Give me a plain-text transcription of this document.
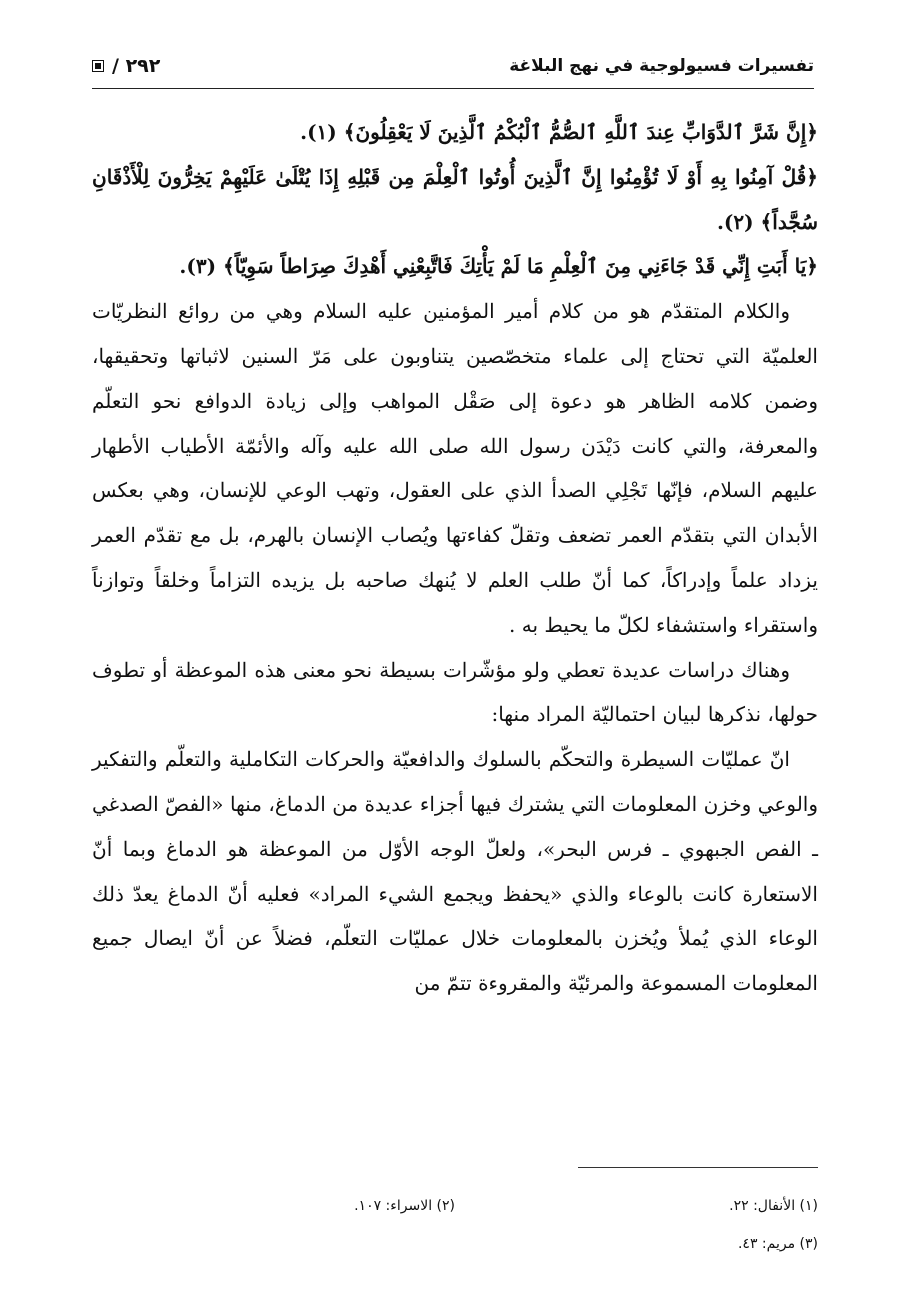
تفسيرات فسيولوجية في نهج البلاغة
٢٩٢ /

﴿إِنَّ شَرَّ ٱلدَّوَابِّ عِندَ ٱللَّهِ ٱلصُّمُّ ٱلْبُكْمُ ٱلَّذِينَ لَا يَعْقِلُونَ﴾ (١).

﴿قُلْ آمِنُوا بِهِ أَوْ لَا تُؤْمِنُوا إِنَّ ٱلَّذِينَ أُوتُوا ٱلْعِلْمَ مِن قَبْلِهِ إِذَا يُتْلَىٰ عَلَيْهِمْ يَخِرُّونَ لِلْأَذْقَانِ سُجَّداً﴾ (٢).

﴿يَا أَبَتِ إِنِّي قَدْ جَاءَنِي مِنَ ٱلْعِلْمِ مَا لَمْ يَأْتِكَ فَاتَّبِعْنِي أَهْدِكَ صِرَاطاً سَوِيّاً﴾ (٣).

والكلام المتقدّم هو من كلام أمير المؤمنين عليه السلام وهي من روائع النظريّات العلميّة التي تحتاج إلى علماء متخصّصين يتناوبون على مَرّ السنين لاثباتها وتحقيقها، وضمن كلامه الظاهر هو دعوة إلى صَقْل المواهب وإلى زيادة الدوافع نحو التعلّم والمعرفة، والتي كانت دَيْدَن رسول الله صلى الله عليه وآله والأئمّة الأطياب الأطهار عليهم السلام، فإنّها تَجْلِي الصدأ الذي على العقول، وتهب الوعي للإنسان، وهي بعكس الأبدان التي بتقدّم العمر تضعف وتقلّ كفاءتها ويُصاب الإنسان بالهرم، بل مع تقدّم العمر يزداد علماً وإدراكاً، كما أنّ طلب العلم لا يُنهك صاحبه بل يزيده التزاماً وخلقاً وتوازناً واستقراء واستشفاء لكلّ ما يحيط به .

وهناك دراسات عديدة تعطي ولو مؤشّرات بسيطة نحو معنى هذه الموعظة أو تطوف حولها، نذكرها لبيان احتماليّة المراد منها:

انّ عمليّات السيطرة والتحكّم بالسلوك والدافعيّة والحركات التكاملية والتعلّم والتفكير والوعي وخزن المعلومات التي يشترك فيها أجزاء عديدة من الدماغ، منها «الفصّ الصدغي ـ الفص الجبهوي ـ فرس البحر»، ولعلّ الوجه الأوّل من الموعظة هو الدماغ وبما أنّ الاستعارة كانت بالوعاء والذي «يحفظ ويجمع الشيء المراد» فعليه أنّ الدماغ يعدّ ذلك الوعاء الذي يُملأ ويُخزن بالمعلومات خلال عمليّات التعلّم، فضلاً عن أنّ ايصال جميع المعلومات المسموعة والمرئيّة والمقروءة تتمّ من

(١) الأنفال: ٢٢.
(٢) الاسراء: ١٠٧.
(٣) مريم: ٤٣.
